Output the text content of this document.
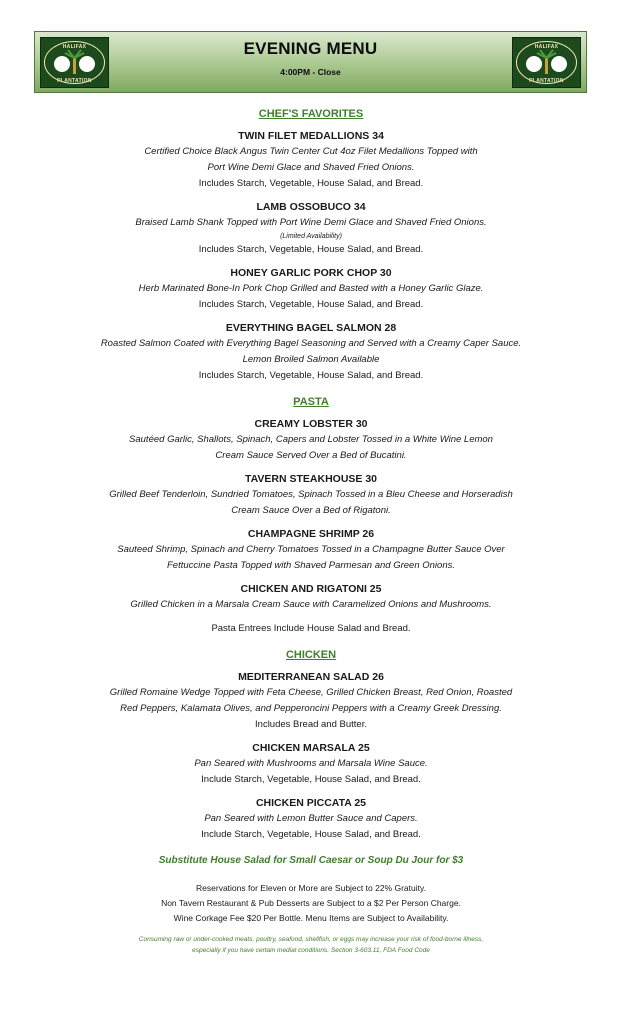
HALIFAX
PLANTATION
EVENING MENU
4:00PM - Close
HALIFAX
PLANTATION
CHEF'S FAVORITES
TWIN FILET MEDALLIONS 34
Certified Choice Black Angus Twin Center Cut 4oz Filet Medallions Topped with
Port Wine Demi Glace and Shaved Fried Onions.
Includes Starch, Vegetable, House Salad, and Bread.
LAMB OSSOBUCO 34
Braised Lamb Shank Topped with Port Wine Demi Glace and Shaved Fried Onions.
(Limited Availability)
Includes Starch, Vegetable, House Salad, and Bread.
HONEY GARLIC PORK CHOP 30
Herb Marinated Bone-In Pork Chop Grilled and Basted with a Honey Garlic Glaze.
Includes Starch, Vegetable, House Salad, and Bread.
EVERYTHING BAGEL SALMON 28
Roasted Salmon Coated with Everything Bagel Seasoning and Served with a Creamy Caper Sauce.
Lemon Broiled Salmon Available
Includes Starch, Vegetable, House Salad, and Bread.
PASTA
CREAMY LOBSTER 30
Sautéed Garlic, Shallots, Spinach, Capers and Lobster Tossed in a White Wine Lemon
Cream Sauce Served Over a Bed of Bucatini.
TAVERN STEAKHOUSE 30
Grilled Beef Tenderloin, Sundried Tomatoes, Spinach Tossed in a Bleu Cheese and Horseradish
Cream Sauce Over a Bed of Rigatoni.
CHAMPAGNE SHRIMP 26
Sauteed Shrimp, Spinach and Cherry Tomatoes Tossed in a Champagne Butter Sauce Over
Fettuccine Pasta Topped with Shaved Parmesan and Green Onions.
CHICKEN AND RIGATONI 25
Grilled Chicken in a Marsala Cream Sauce with Caramelized Onions and Mushrooms.
Pasta Entrees Include House Salad and Bread.
CHICKEN
MEDITERRANEAN SALAD 26
Grilled Romaine Wedge Topped with Feta Cheese, Grilled Chicken Breast, Red Onion, Roasted
Red Peppers, Kalamata Olives, and Pepperoncini Peppers with a Creamy Greek Dressing.
Includes Bread and Butter.
CHICKEN MARSALA 25
Pan Seared with Mushrooms and Marsala Wine Sauce.
Include Starch, Vegetable, House Salad, and Bread.
CHICKEN PICCATA 25
Pan Seared with Lemon Butter Sauce and Capers.
Include Starch, Vegetable, House Salad, and Bread.
Substitute House Salad for Small Caesar or Soup Du Jour for $3
Reservations for Eleven or More are Subject to 22% Gratuity.
Non Tavern Restaurant & Pub Desserts are Subject to a $2 Per Person Charge.
Wine Corkage Fee $20 Per Bottle. Menu Items are Subject to Availability.
Consuming raw or under-cooked meats, poultry, seafood, shellfish, or eggs may increase your risk of food-borne illness,
especially if you have certain medial conditions. Section 3-603.11, FDA Food Code
